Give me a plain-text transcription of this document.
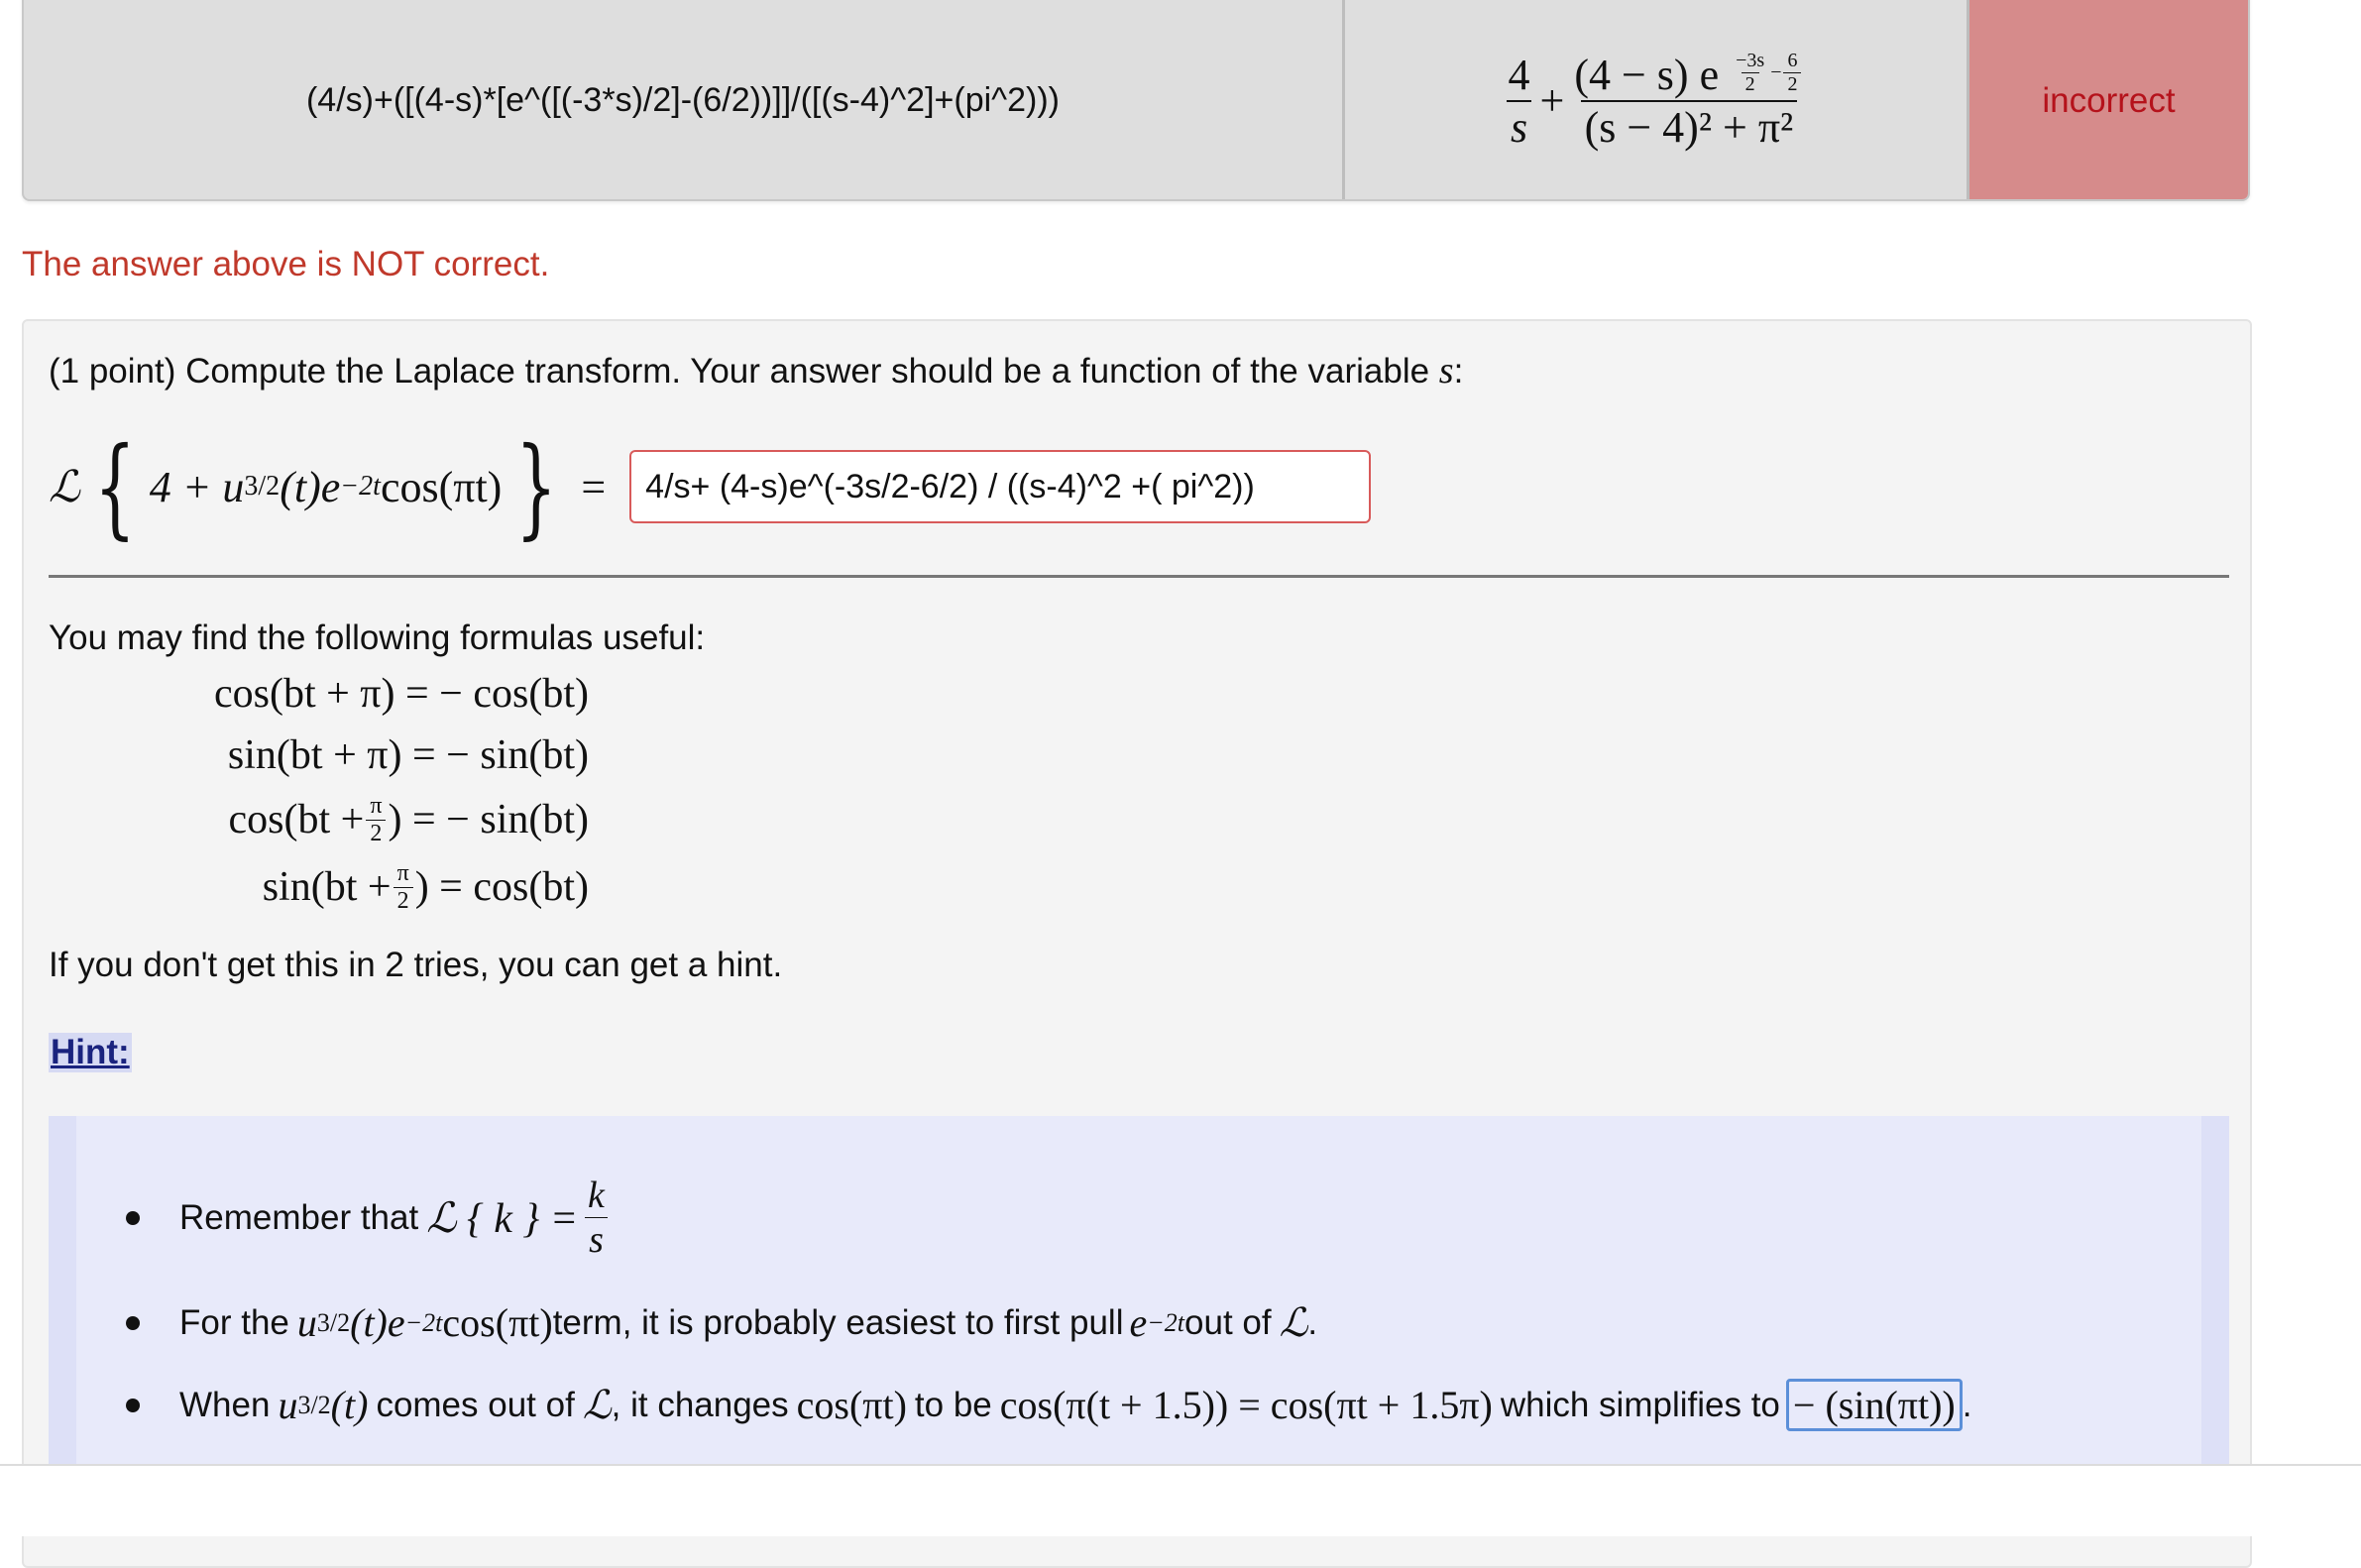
(4/s)+([(4-s)*[e^([(-3*s)/2]-(6/2))]]/([(s-4)^2]+(pi^2)))	$\frac{4}{s}$ +
(4 − s) e $^{\frac{-3s}{2} - \frac{6}{2}}$
(s − 4)² + π²
incorrect
The answer above is NOT correct.
(1 point) Compute the Laplace transform. Your answer should be a function of the variable s:
ℒ { 4 + u 3/2 (t)e −2t cos(πt) } =
4/s+ (4-s)e^(-3s/2-6/2) / ((s-4)^2 +( pi^2))
You may find the following formulas useful:
cos(bt + π) = − cos(bt)
sin(bt + π) = − sin(bt)
$\cos(bt + \frac{\pi}{2}$ ) = − sin(bt)
$\sin(bt + \frac{\pi}{2}$ ) = cos(bt)
If you don't get this in 2 tries, you can get a hint.
Hint:
Remember that ℒ { k } = $\frac{k}{s}$
For the u 3/2 (t)e −2t cos(πt) term, it is probably easiest to first pull e −2t out of ℒ .
When u 3/2 (t) comes out of ℒ , it changes cos(πt) to be cos(π(t + 1.5)) = cos(πt + 1.5π) which simplifies to − (sin(πt)) .
